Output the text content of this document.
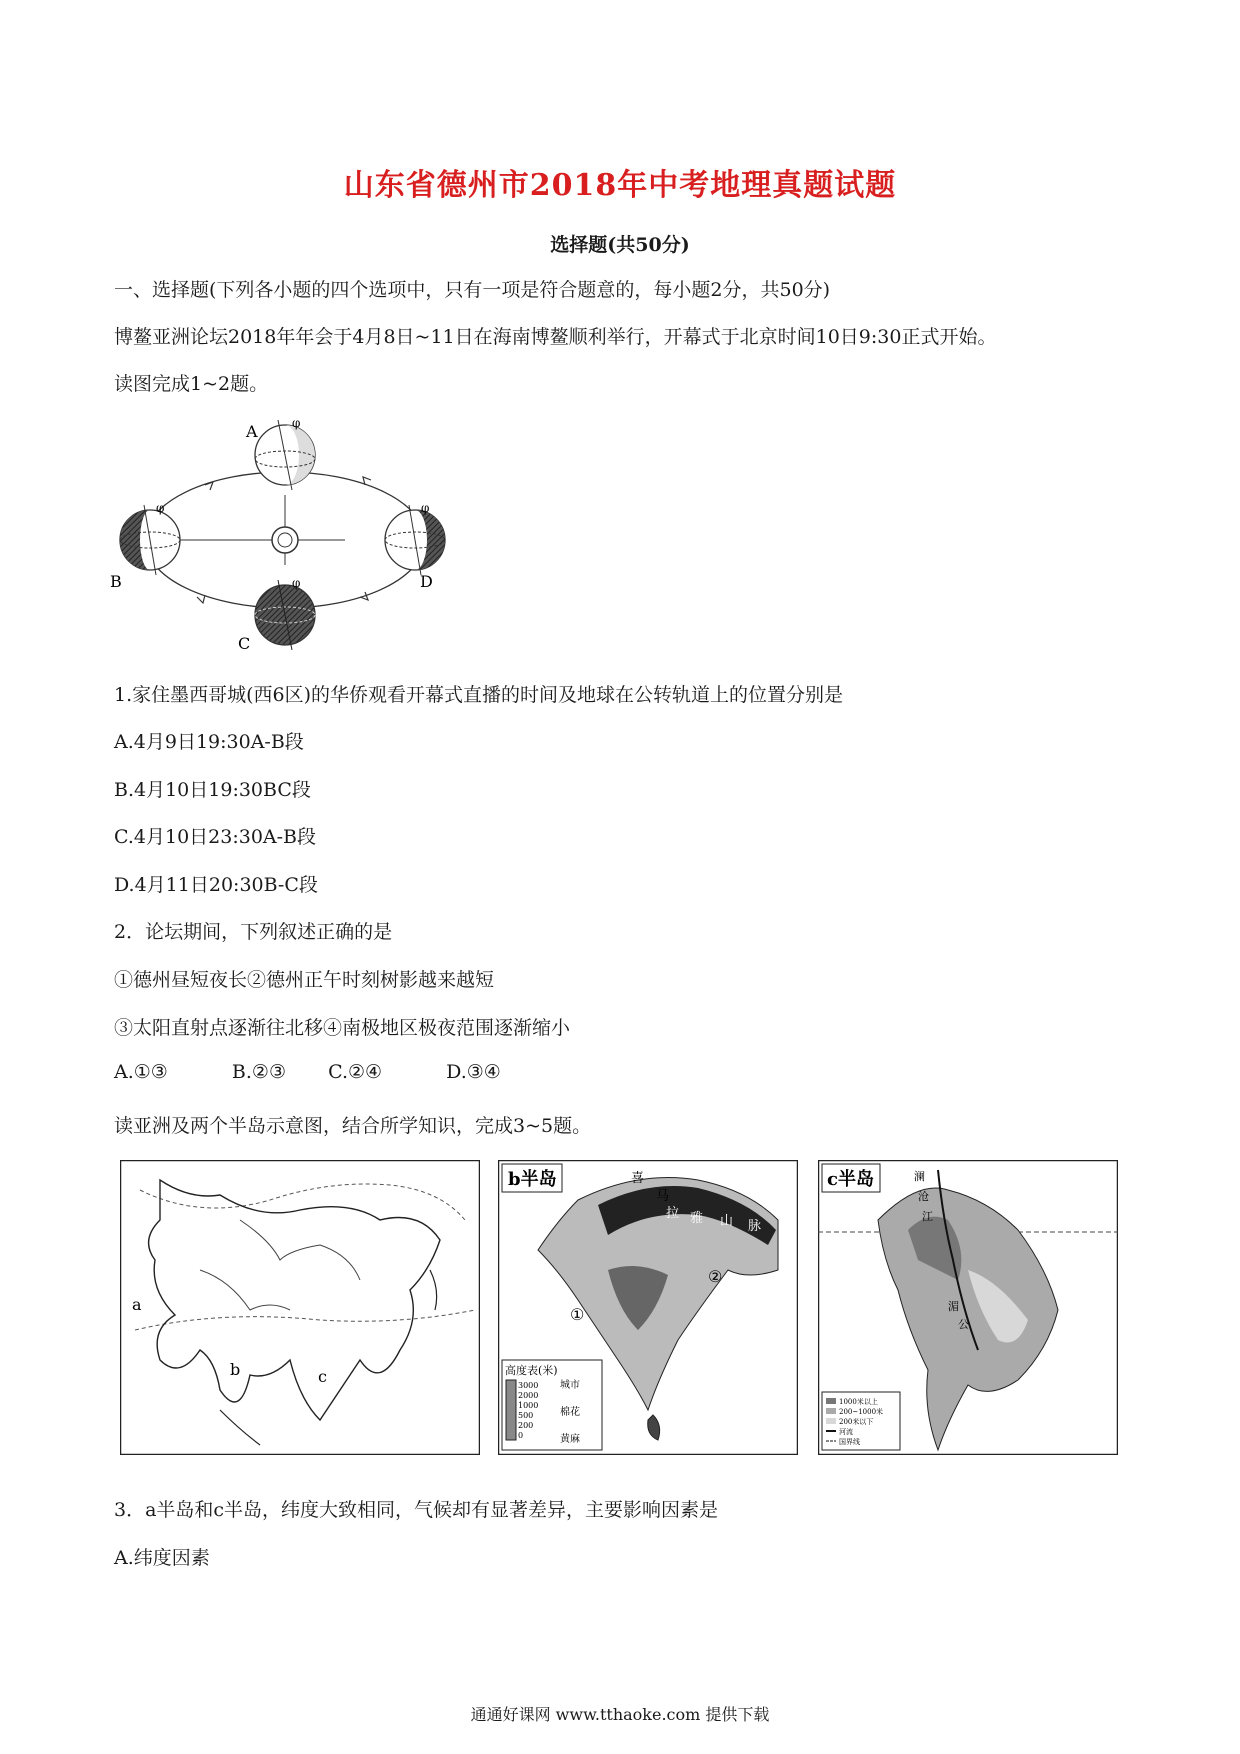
山东省德州市2018年中考地理真题试题
选择题(共50分)
一、选择题(下列各小题的四个选项中，只有一项是符合题意的，每小题2分，共50分)
博鳌亚洲论坛2018年年会于4月8日~11日在海南博鳌顺利举行，开幕式于北京时间10日9:30正式开始。
读图完成1~2题。
φ
φ	φ
φ
A
B
C
D
1.家住墨西哥城(西6区)的华侨观看开幕式直播的时间及地球在公转轨道上的位置分别是
A.4月9日19:30A-B段
B.4月10日19:30BC段
C.4月10日23:30A-B段
D.4月11日20:30B-C段
2．论坛期间，下列叙述正确的是
①德州昼短夜长②德州正午时刻树影越来越短
③太阳直射点逐渐往北移④南极地区极夜范围逐渐缩小
A.①③	B.②③ C.②④	D.③④
读亚洲及两个半岛示意图，结合所学知识，完成3~5题。
a
b	c
b半岛	喜
马
拉 雅 山 脉
①
②
高度表(米)
3000
2000
1000
500
200
0
城市
棉花
黄麻
c半岛	澜
沧
江
湄
公
1000米以上
200~1000米
200米以下
河流
国界线
3．a半岛和c半岛，纬度大致相同，气候却有显著差异，主要影响因素是
A.纬度因素
通通好课网 www.tthaoke.com 提供下载
